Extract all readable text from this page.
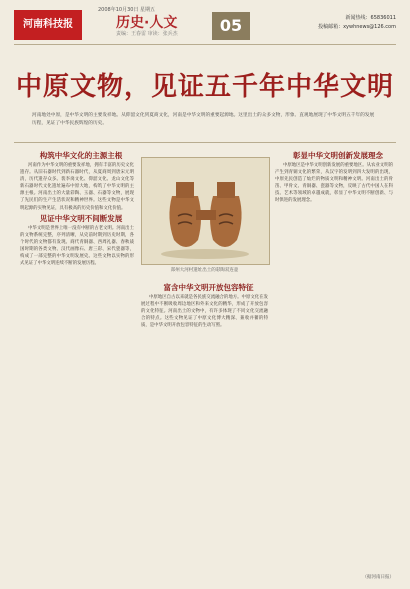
2008年10月30日 星期五
河南科技报	历史·人文
责编：王春雷 审读：张兵杰	05	新闻热线：65836011
投稿邮箱：xywhnews@126.com
中原文物，见证五千年中华文明
河南地处中原，是中华文明的主要发祥地。从仰韶文化到夏商文化，河南是中华文明的重要起源地。这里出土的众多文物，形象、直观地展现了中华文明五千年的发展历程，见证了中华民族辉煌的历史。

构筑中华文化的主源主根

河南作为中华文明的重要发祥地，拥有丰富的历史文化遗存。从旧石器时代到新石器时代，从夏商周到唐宋元明清，历代遗存众多。裴李岗文化、仰韶文化、龙山文化等新石器时代文化遗址遍布中原大地，构筑了中华文明的主源主根。河南出土的大量彩陶、玉器、石器等文物，展现了先民们的生产生活状况和精神世界。这些文物是中华文明起源的实物见证，具有极高的历史价值和文化价值。

见证中华文明不间断发展

中华文明是世界上唯一没有中断的古老文明。河南出土的文物系统完整，序列清晰，从史前时期到历史时期，各个时代的文物都有发现。商代青铜器、西周礼器、春秋战国时期的各类文物、汉代画像石、唐三彩、宋代瓷器等，构成了一部完整的中华文明发展史。这些文物以实物的形式见证了中华文明连续不断的发展历程。

郑州大河村遗址出土的彩陶双连壶

富含中华文明开放包容特征

中原地区自古以来就是各民族交流融合的地方。中原文化在发展过程中不断吸收周边地区和外来文化的精华，形成了开放包容的文化特征。河南出土的文物中，有许多体现了不同文化交流融合的特点。这些文物见证了中原文化博大精深、兼收并蓄的特质，是中华文明开放包容特征的生动写照。

彰显中华文明创新发展理念

中原地区是中华文明创新发展的重要地区。从农业文明的产生到青铜文化的繁荣，从汉字的发明到四大发明的出现，中原先民创造了灿烂的物质文明和精神文明。河南出土的骨笛、甲骨文、青铜器、瓷器等文物，反映了古代中国人在科技、艺术等领域的卓越成就，彰显了中华文明不断创新、与时俱进的发展理念。

（据河南日报）
